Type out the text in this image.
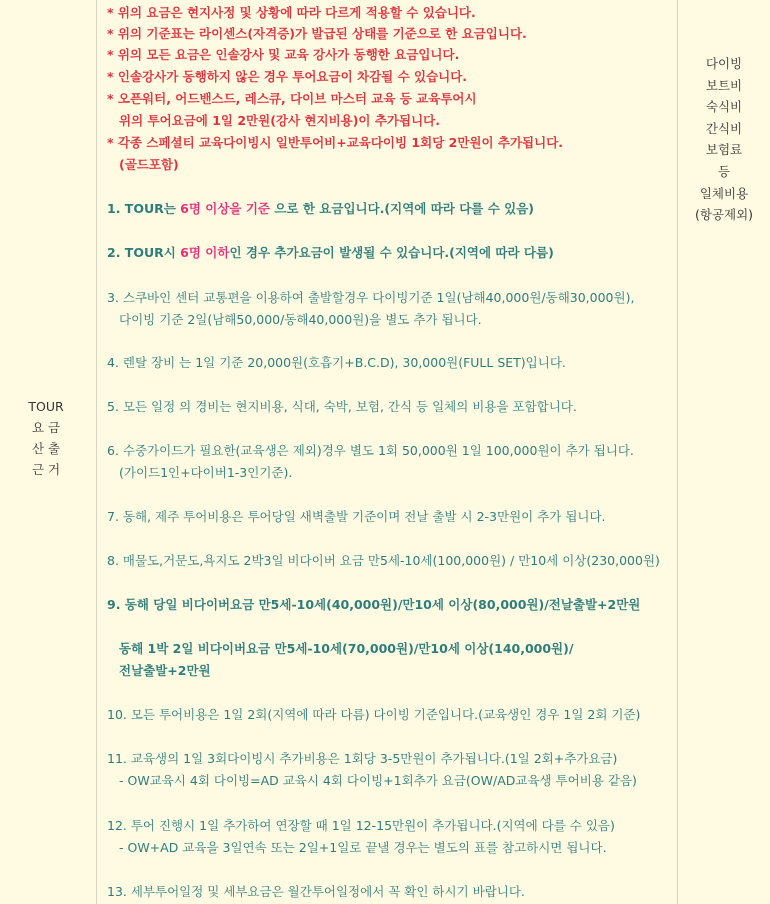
TOUR
요 금
산 출
근 거
* 위의 요금은 현지사정 및 상황에 따라 다르게 적용할 수 있습니다.
* 위의 기준표는 라이센스(자격증)가 발급된 상태를 기준으로 한 요금입니다.
* 위의 모든 요금은 인솔강사 및 교육 강사가 동행한 요금입니다.
* 인솔강사가 동행하지 않은 경우 투어요금이 차감될 수 있습니다.
* 오픈워터, 어드밴스드, 레스큐, 다이브 마스터 교육 등 교육투어시
위의 투어요금에 1일 2만원(강사 현지비용)이 추가됩니다.
* 각종 스페셜티 교육다이빙시 일반투어비+교육다이빙 1회당 2만원이 추가됩니다.
(골드포함)
1. TOUR는 6명 이상을 기준 으로 한 요금입니다.(지역에 따라 다를 수 있음)
2. TOUR시 6명 이하인 경우 추가요금이 발생될 수 있습니다.(지역에 따라 다름)
3. 스쿠바인 센터 교통편을 이용하여 출발할경우 다이빙기준 1일(남해40,000원/동해30,000원),
다이빙 기준 2일(남해50,000/동해40,000원)을 별도 추가 됩니다.
4. 렌탈 장비 는 1일 기준 20,000원(호흡기+B.C.D), 30,000원(FULL SET)입니다.
5. 모든 일정 의 경비는 현지비용, 식대, 숙박, 보험, 간식 등 일체의 비용을 포함합니다.
6. 수중가이드가 필요한(교육생은 제외)경우 별도 1회 50,000원 1일 100,000원이 추가 됩니다.
(가이드1인+다이버1-3인기준).
7. 동해, 제주 투어비용은 투어당일 새벽출발 기준이며 전날 출발 시 2-3만원이 추가 됩니다.
8. 매물도,거문도,욕지도 2박3일 비다이버 요금 만5세-10세(100,000원) / 만10세 이상(230,000원)
9. 동해 당일 비다이버요금 만5세-10세(40,000원)/만10세 이상(80,000원)/전날출발+2만원
동해 1박 2일 비다이버요금 만5세-10세(70,000원)/만10세 이상(140,000원)/
전날출발+2만원
10. 모든 투어비용은 1일 2회(지역에 따라 다름) 다이빙 기준입니다.(교육생인 경우 1일 2회 기준)
11. 교육생의 1일 3회다이빙시 추가비용은 1회당 3-5만원이 추가됩니다.(1일 2회+추가요금)
- OW교육시 4회 다이빙=AD 교육시 4회 다이빙+1회추가 요금(OW/AD교육생 투어비용 같음)
12. 투어 진행시 1일 추가하여 연장할 때 1일 12-15만원이 추가됩니다.(지역에 다를 수 있음)
- OW+AD 교육을 3일연속 또는 2일+1일로 끝낼 경우는 별도의 표를 참고하시면 됩니다.
13. 세부투어일정 및 세부요금은 월간투어일정에서 꼭 확인 하시기 바랍니다.
다이빙
보트비
숙식비
간식비
보험료
등
일체비용
(항공제외)
